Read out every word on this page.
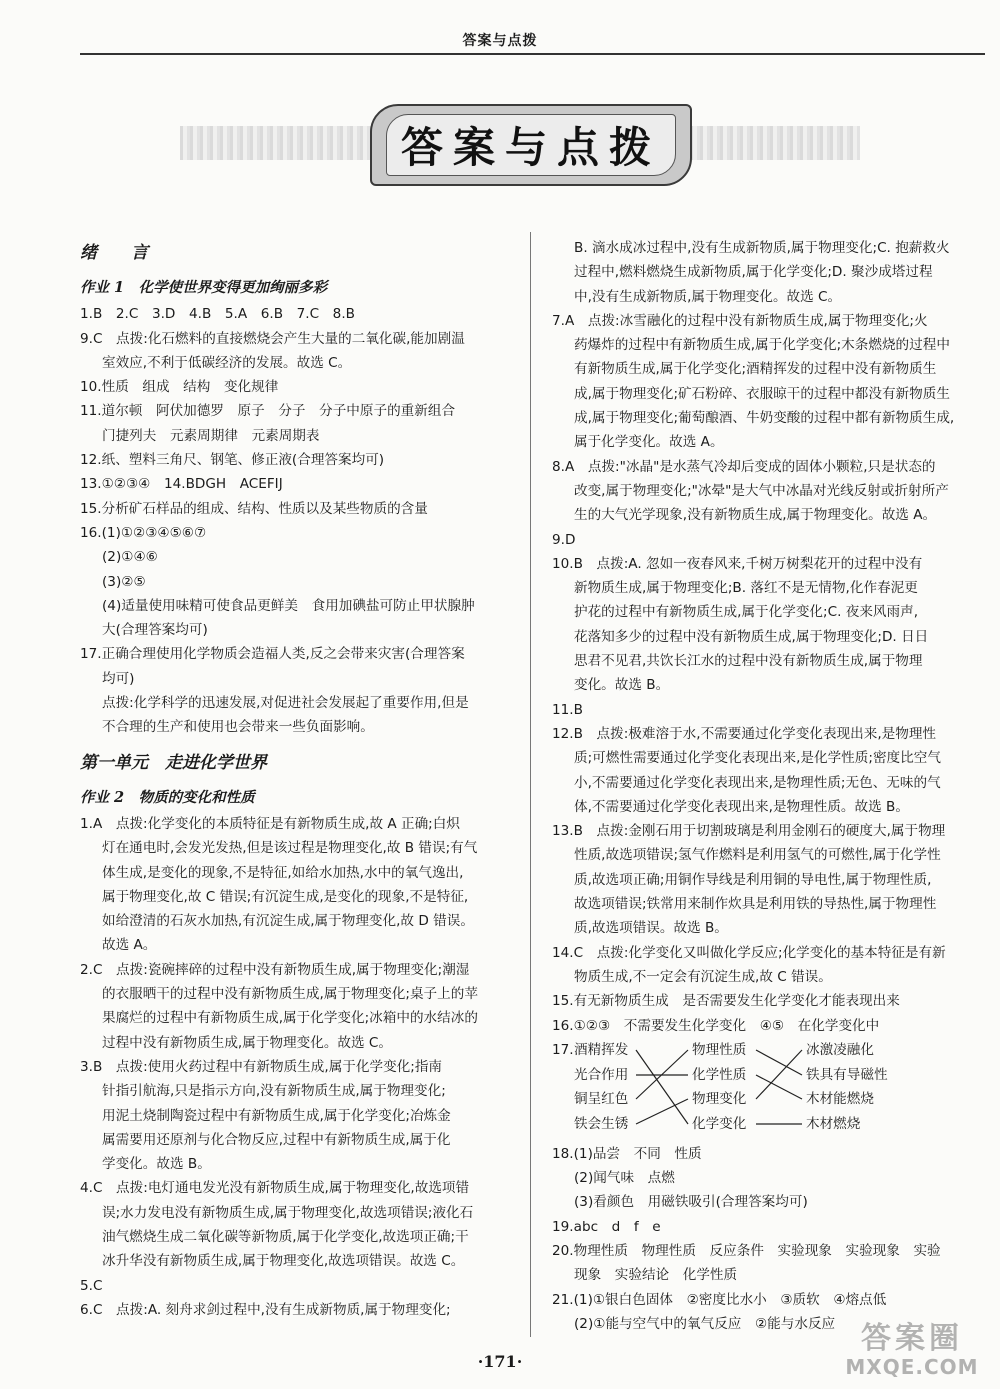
答案与点拨
答案与点拨
绪　　言
作业 1　化学使世界变得更加绚丽多彩
1.B　2.C　3.D　4.B　5.A　6.B　7.C　8.B
9.C　点拨:化石燃料的直接燃烧会产生大量的二氧化碳,能加剧温
室效应,不利于低碳经济的发展。故选 C。
10.性质　组成　结构　变化规律
11.道尔顿　阿伏加德罗　原子　分子　分子中原子的重新组合
门捷列夫　元素周期律　元素周期表
12.纸、塑料三角尺、钢笔、修正液(合理答案均可)
13.①②③④　14.BDGH　ACEFIJ
15.分析矿石样品的组成、结构、性质以及某些物质的含量
16.(1)①②③④⑤⑥⑦
(2)①④⑥
(3)②⑤
(4)适量使用味精可使食品更鲜美　食用加碘盐可防止甲状腺肿
大(合理答案均可)
17.正确合理使用化学物质会造福人类,反之会带来灾害(合理答案
均可)
点拨:化学科学的迅速发展,对促进社会发展起了重要作用,但是
不合理的生产和使用也会带来一些负面影响。
第一单元　走进化学世界
作业 2　物质的变化和性质
1.A　点拨:化学变化的本质特征是有新物质生成,故 A 正确;白炽
灯在通电时,会发光发热,但是该过程是物理变化,故 B 错误;有气
体生成,是变化的现象,不是特征,如给水加热,水中的氧气逸出,
属于物理变化,故 C 错误;有沉淀生成,是变化的现象,不是特征,
如给澄清的石灰水加热,有沉淀生成,属于物理变化,故 D 错误。
故选 A。
2.C　点拨:瓷碗摔碎的过程中没有新物质生成,属于物理变化;潮湿
的衣服晒干的过程中没有新物质生成,属于物理变化;桌子上的苹
果腐烂的过程中有新物质生成,属于化学变化;冰箱中的水结冰的
过程中没有新物质生成,属于物理变化。故选 C。
3.B　点拨:使用火药过程中有新物质生成,属于化学变化;指南
针指引航海,只是指示方向,没有新物质生成,属于物理变化;
用泥土烧制陶瓷过程中有新物质生成,属于化学变化;冶炼金
属需要用还原剂与化合物反应,过程中有新物质生成,属于化
学变化。故选 B。
4.C　点拨:电灯通电发光没有新物质生成,属于物理变化,故选项错
误;水力发电没有新物质生成,属于物理变化,故选项错误;液化石
油气燃烧生成二氧化碳等新物质,属于化学变化,故选项正确;干
冰升华没有新物质生成,属于物理变化,故选项错误。故选 C。
5.C
6.C　点拨:A. 刻舟求剑过程中,没有生成新物质,属于物理变化;
B. 滴水成冰过程中,没有生成新物质,属于物理变化;C. 抱薪救火
过程中,燃料燃烧生成新物质,属于化学变化;D. 聚沙成塔过程
中,没有生成新物质,属于物理变化。故选 C。
7.A　点拨:冰雪融化的过程中没有新物质生成,属于物理变化;火
药爆炸的过程中有新物质生成,属于化学变化;木条燃烧的过程中
有新物质生成,属于化学变化;酒精挥发的过程中没有新物质生
成,属于物理变化;矿石粉碎、衣服晾干的过程中都没有新物质生
成,属于物理变化;葡萄酿酒、牛奶变酸的过程中都有新物质生成,
属于化学变化。故选 A。
8.A　点拨:"冰晶"是水蒸气冷却后变成的固体小颗粒,只是状态的
改变,属于物理变化;"冰晕"是大气中冰晶对光线反射或折射所产
生的大气光学现象,没有新物质生成,属于物理变化。故选 A。
9.D
10.B　点拨:A. 忽如一夜春风来,千树万树梨花开的过程中没有
新物质生成,属于物理变化;B. 落红不是无情物,化作春泥更
护花的过程中有新物质生成,属于化学变化;C. 夜来风雨声,
花落知多少的过程中没有新物质生成,属于物理变化;D. 日日
思君不见君,共饮长江水的过程中没有新物质生成,属于物理
变化。故选 B。
11.B
12.B　点拨:极难溶于水,不需要通过化学变化表现出来,是物理性
质;可燃性需要通过化学变化表现出来,是化学性质;密度比空气
小,不需要通过化学变化表现出来,是物理性质;无色、无味的气
体,不需要通过化学变化表现出来,是物理性质。故选 B。
13.B　点拨:金刚石用于切割玻璃是利用金刚石的硬度大,属于物理
性质,故选项错误;氢气作燃料是利用氢气的可燃性,属于化学性
质,故选项正确;用铜作导线是利用铜的导电性,属于物理性质,
故选项错误;铁常用来制作炊具是利用铁的导热性,属于物理性
质,故选项错误。故选 B。
14.C　点拨:化学变化又叫做化学反应;化学变化的基本特征是有新
物质生成,不一定会有沉淀生成,故 C 错误。
15.有无新物质生成　是否需要发生化学变化才能表现出来
16.①②③　不需要发生化学变化　④⑤　在化学变化中
17. 酒精挥发
光合作用
铜呈红色
铁会生锈
物理性质
化学性质
物理变化
化学变化
冰激凌融化
铁具有导磁性
木材能燃烧
木材燃烧
18.(1)品尝　不同　性质
(2)闻气味　点燃
(3)看颜色　用磁铁吸引(合理答案均可)
19.abc　d　f　e
20.物理性质　物理性质　反应条件　实验现象　实验现象　实验
现象　实验结论　化学性质
21.(1)①银白色固体　②密度比水小　③质软　④熔点低
(2)①能与空气中的氧气反应　②能与水反应
·171·
答案圈
MXQE.COM
